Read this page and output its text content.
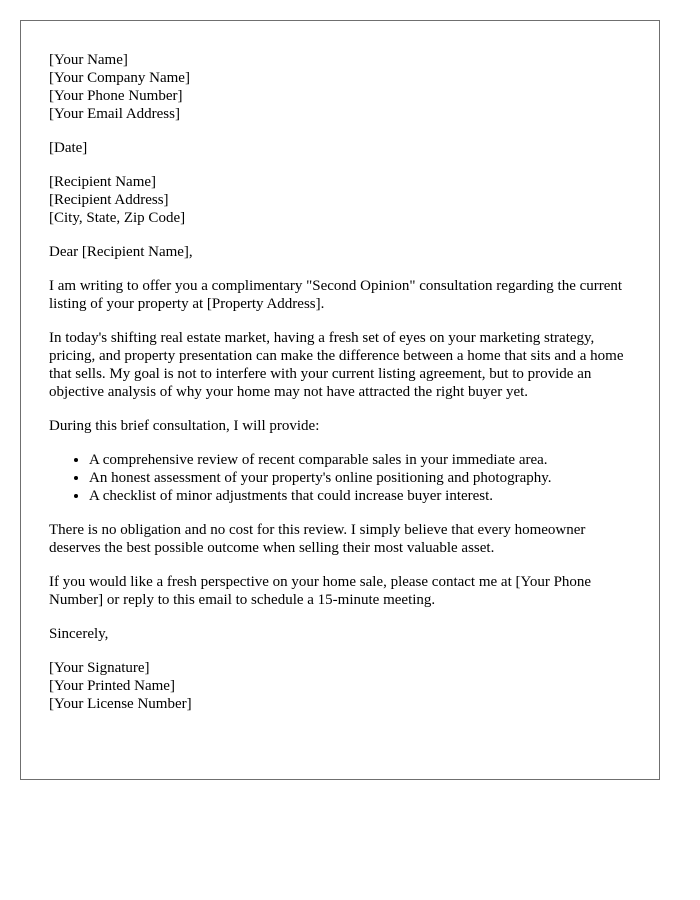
[Your Name]
[Your Company Name]
[Your Phone Number]
[Your Email Address]
[Date]
[Recipient Name]
[Recipient Address]
[City, State, Zip Code]

Dear [Recipient Name],

I am writing to offer you a complimentary "Second Opinion" consultation regarding the current listing of your property at [Property Address].

In today's shifting real estate market, having a fresh set of eyes on your marketing strategy, pricing, and property presentation can make the difference between a home that sits and a home that sells. My goal is not to interfere with your current listing agreement, but to provide an objective analysis of why your home may not have attracted the right buyer yet.

During this brief consultation, I will provide:

• A comprehensive review of recent comparable sales in your immediate area.
• An honest assessment of your property's online positioning and photography.
• A checklist of minor adjustments that could increase buyer interest.

There is no obligation and no cost for this review. I simply believe that every homeowner deserves the best possible outcome when selling their most valuable asset.

If you would like a fresh perspective on your home sale, please contact me at [Your Phone Number] or reply to this email to schedule a 15-minute meeting.

Sincerely,

[Your Signature]
[Your Printed Name]
[Your License Number]
